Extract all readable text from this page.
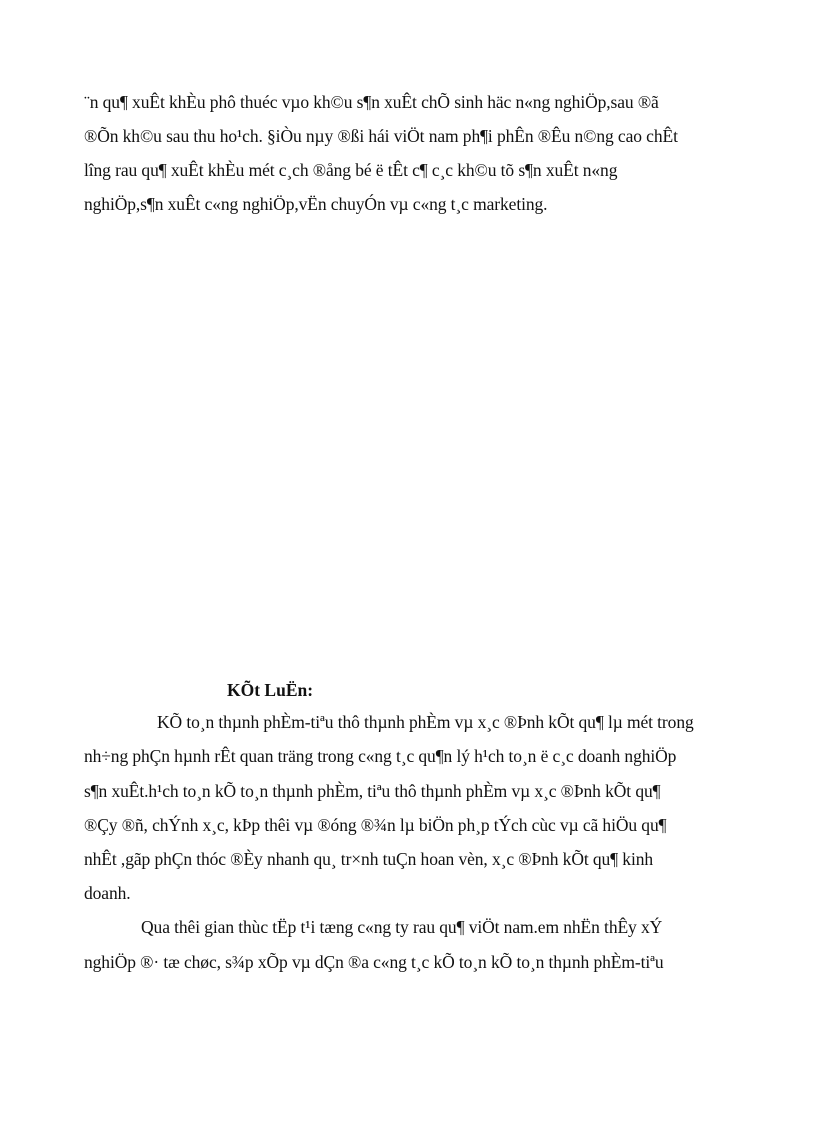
¨n qu¶ xuÊt khÈu phô thuéc vµo kh©u s¶n xuÊt chÕ sinh häc n«ng nghiÖp,sau ®ã
®Õn kh©u sau thu ho¹ch. §iÒu nµy ®ßi hái viÖt nam ph¶i phÊn ®Êu n©ng cao chÊt
lîng rau qu¶ xuÊt khÈu mét c¸ch ®ång bé ë tÊt c¶ c¸c kh©u tõ s¶n xuÊt n«ng
nghiÖp,s¶n xuÊt c«ng nghiÖp,vËn chuyÓn vµ c«ng t¸c marketing.
KÕt LuËn:
KÕ to¸n thµnh phÈm-tiªu thô thµnh phÈm vµ x¸c ®Þnh kÕt qu¶ lµ mét trong
nh÷ng phÇn hµnh rÊt quan träng trong c«ng t¸c qu¶n lý h¹ch to¸n ë c¸c doanh nghiÖp
s¶n xuÊt.h¹ch to¸n kÕ to¸n thµnh phÈm, tiªu thô thµnh phÈm vµ x¸c ®Þnh kÕt qu¶
®Çy ®ñ, chÝnh x¸c, kÞp thêi vµ ®óng ®¾n lµ biÖn ph¸p tÝch cùc vµ cã hiÖu qu¶
nhÊt ,gãp phÇn thóc ®Èy nhanh qu¸ tr×nh tuÇn hoan vèn, x¸c ®Þnh kÕt qu¶ kinh
doanh.
Qua thêi gian thùc tËp t¹i tæng c«ng ty rau qu¶ viÖt nam.em nhËn thÊy xÝ
nghiÖp ®· tæ chøc, s¾p xÕp vµ dÇn ®a c«ng t¸c kÕ to¸n kÕ to¸n thµnh phÈm-tiªu
